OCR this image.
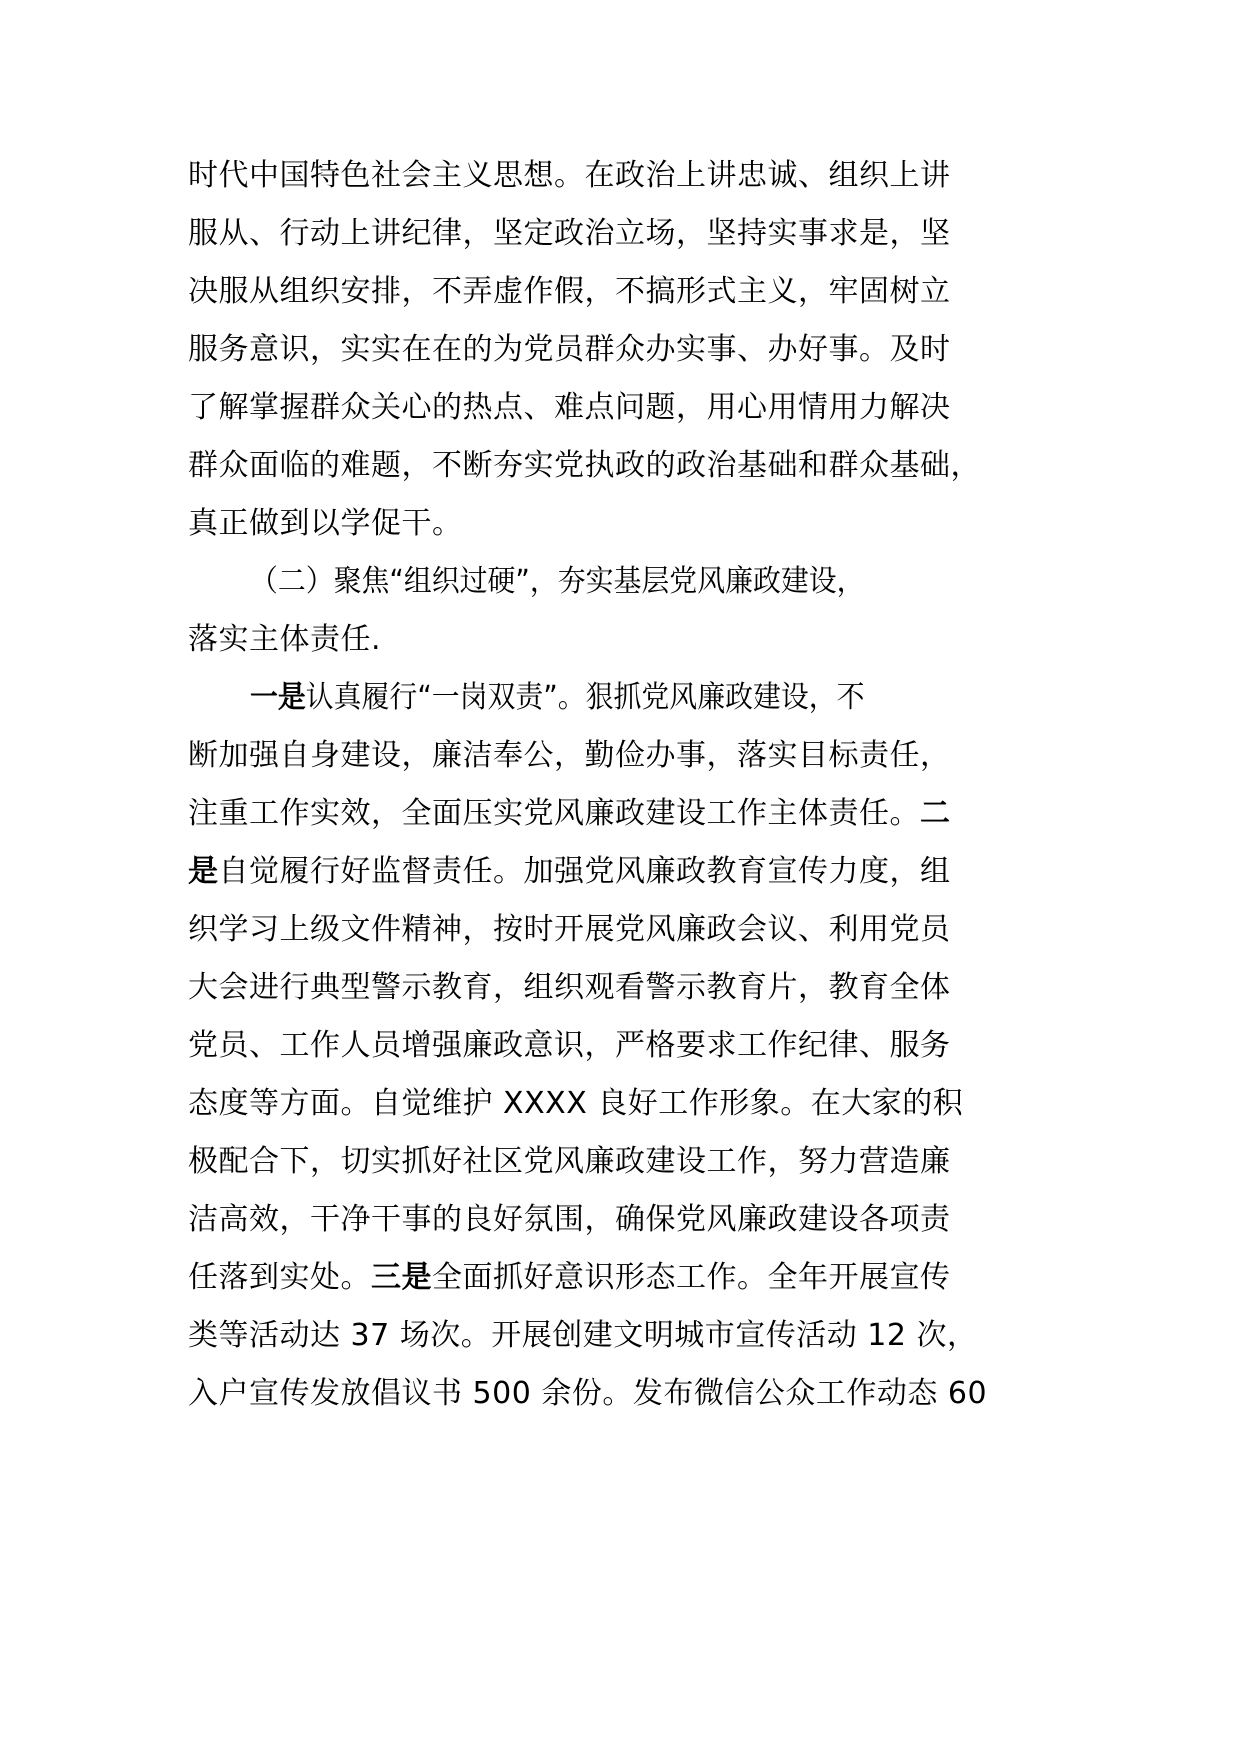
时代中国特色社会主义思想。在政治上讲忠诚、组织上讲
服从、行动上讲纪律，坚定政治立场，坚持实事求是，坚
决服从组织安排，不弄虚作假，不搞形式主义，牢固树立
服务意识，实实在在的为党员群众办实事、办好事。及时
了解掌握群众关心的热点、难点问题，用心用情用力解决
群众面临的难题，不断夯实党执政的政治基础和群众基础，
真正做到以学促干。
（二）聚焦“组织过硬”，夯实基层党风廉政建设，
落实主体责任.
一是认真履行“一岗双责”。狠抓党风廉政建设，不
断加强自身建设，廉洁奉公，勤俭办事，落实目标责任，
注重工作实效，全面压实党风廉政建设工作主体责任。二
是自觉履行好监督责任。加强党风廉政教育宣传力度，组
织学习上级文件精神，按时开展党风廉政会议、利用党员
大会进行典型警示教育，组织观看警示教育片，教育全体
党员、工作人员增强廉政意识，严格要求工作纪律、服务
态度等方面。自觉维护 XXXX 良好工作形象。在大家的积
极配合下，切实抓好社区党风廉政建设工作，努力营造廉
洁高效，干净干事的良好氛围，确保党风廉政建设各项责
任落到实处。三是全面抓好意识形态工作。全年开展宣传
类等活动达 37 场次。开展创建文明城市宣传活动 12 次，
入户宣传发放倡议书 500 余份。发布微信公众工作动态 60
